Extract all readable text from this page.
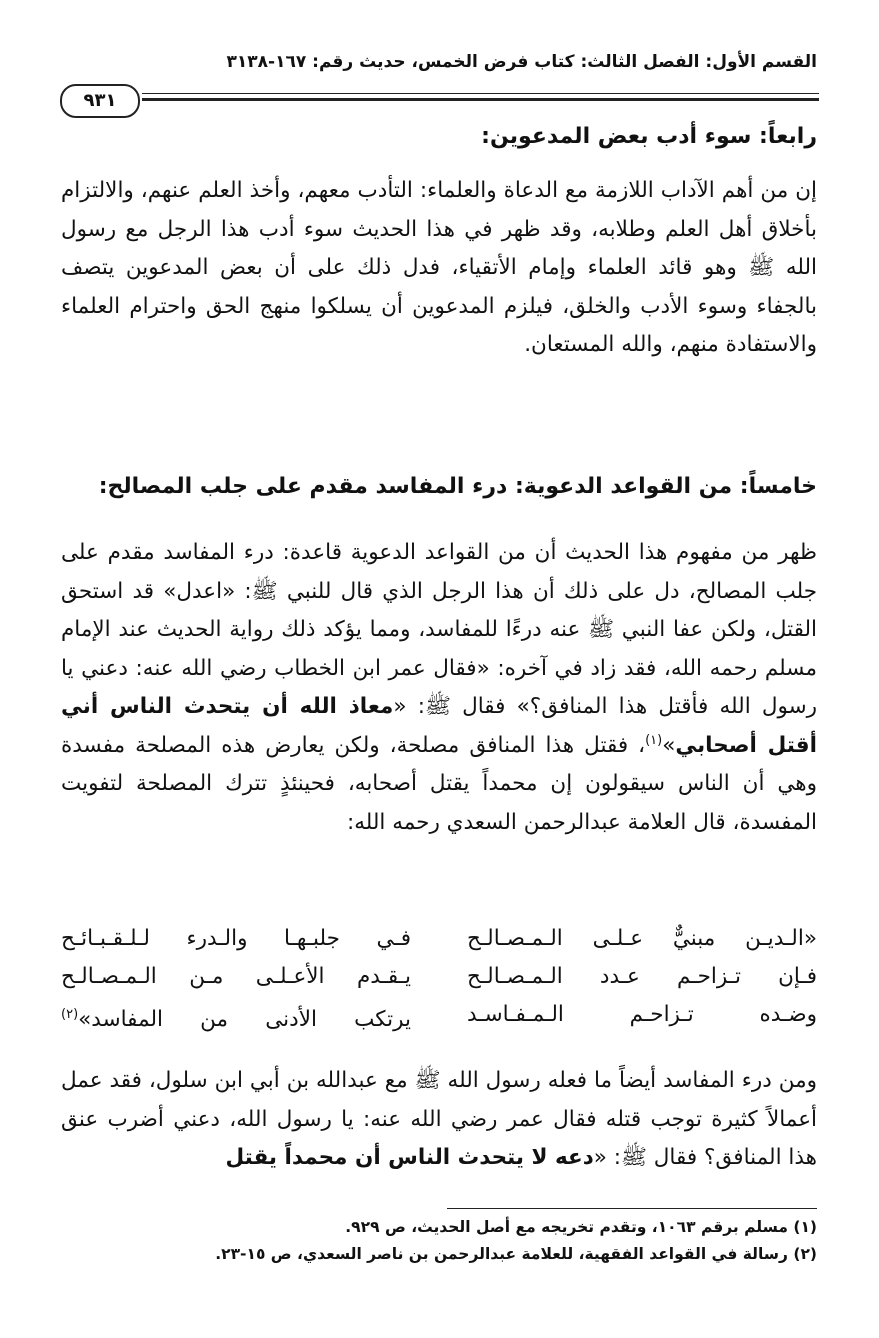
القسم الأول: الفصل الثالث: كتاب فرض الخمس، حديث رقم: ١٦٧-٣١٣٨
٩٣١
رابعاً: سوء أدب بعض المدعوين:

إن من أهم الآداب اللازمة مع الدعاة والعلماء: التأدب معهم، وأخذ العلم عنهم، والالتزام بأخلاق أهل العلم وطلابه، وقد ظهر في هذا الحديث سوء أدب هذا الرجل مع رسول الله ﷺ وهو قائد العلماء وإمام الأتقياء، فدل ذلك على أن بعض المدعوين يتصف بالجفاء وسوء الأدب والخلق، فيلزم المدعوين أن يسلكوا منهج الحق واحترام العلماء والاستفادة منهم، والله المستعان.

خامساً: من القواعد الدعوية: درء المفاسد مقدم على جلب المصالح:

ظهر من مفهوم هذا الحديث أن من القواعد الدعوية قاعدة: درء المفاسد مقدم على جلب المصالح، دل على ذلك أن هذا الرجل الذي قال للنبي ﷺ: «اعدل» قد استحق القتل، ولكن عفا النبي ﷺ عنه درءًا للمفاسد، ومما يؤكد ذلك رواية الحديث عند الإمام مسلم رحمه الله، فقد زاد في آخره: «فقال عمر ابن الخطاب رضي الله عنه: دعني يا رسول الله فأقتل هذا المنافق؟» فقال ﷺ: «معاذ الله أن يتحدث الناس أني أقتل أصحابي»$^{(١)}$، فقتل هذا المنافق مصلحة، ولكن يعارض هذه المصلحة مفسدة وهي أن الناس سيقولون إن محمداً يقتل أصحابه، فحينئذٍ تترك المصلحة لتفويت المفسدة، قال العلامة عبدالرحمن السعدي رحمه الله:

«الـديـن مبنيٌّ عـلـى الـمـصـالـح
فـي جلبـهـا والـدرء لـلـقـبـائـح
فـإن تـزاحـم عـدد الـمـصـالـح
يـقـدم الأعـلـى مـن الـمـصـالـح
وضـده تـزاحـم الـمـفـاسـد
يرتكب الأدنى من المفاسد»$^{(٢)}$

ومن درء المفاسد أيضاً ما فعله رسول الله ﷺ مع عبدالله بن أبي ابن سلول، فقد عمل أعمالاً كثيرة توجب قتله فقال عمر رضي الله عنه: يا رسول الله، دعني أضرب عنق هذا المنافق؟ فقال ﷺ: «دعه لا يتحدث الناس أن محمداً يقتل

(١) مسلم برقم ١٠٦٣، وتقدم تخريجه مع أصل الحديث، ص ٩٢٩.
(٢) رسالة في القواعد الفقهية، للعلامة عبدالرحمن بن ناصر السعدي، ص ١٥-٢٣.
